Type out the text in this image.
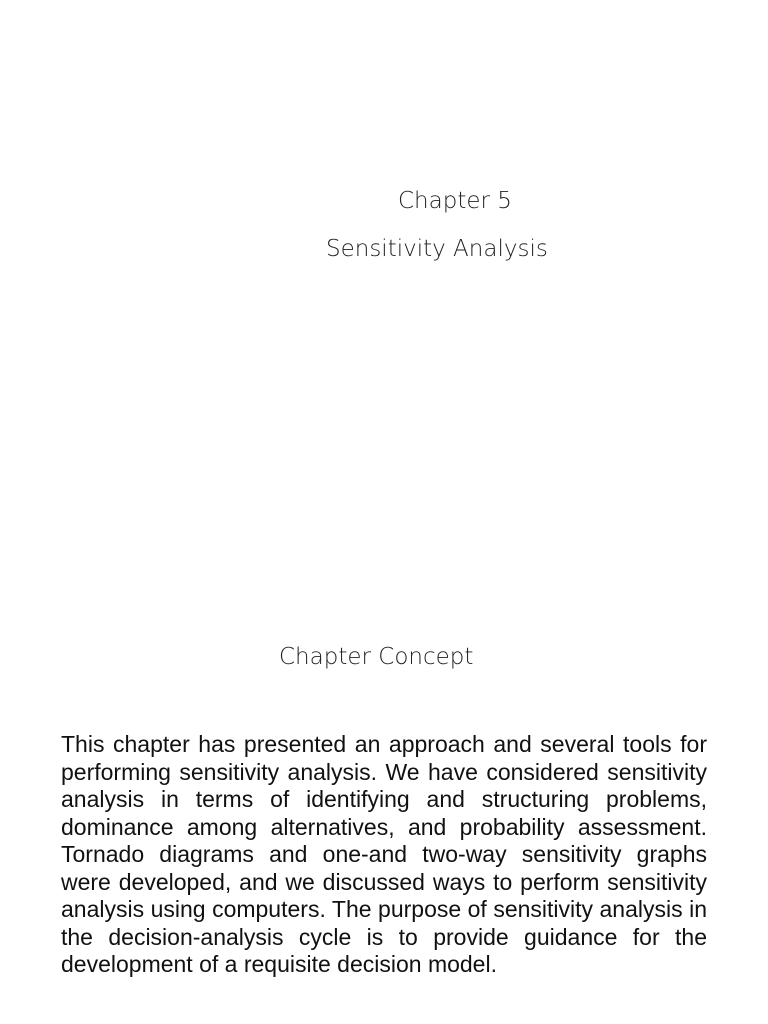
Chapter 5
Sensitivity Analysis
Chapter Concept

This chapter has presented an approach and several tools for performing sensitivity analysis. We have considered sensitivity analysis in terms of identifying and structuring problems, dominance among alternatives, and probability assessment. Tornado diagrams and one-and two-way sensitivity graphs were developed, and we discussed ways to perform sensitivity analysis using computers. The purpose of sensitivity analysis in the decision-analysis cycle is to provide guidance for the development of a requisite decision model.
